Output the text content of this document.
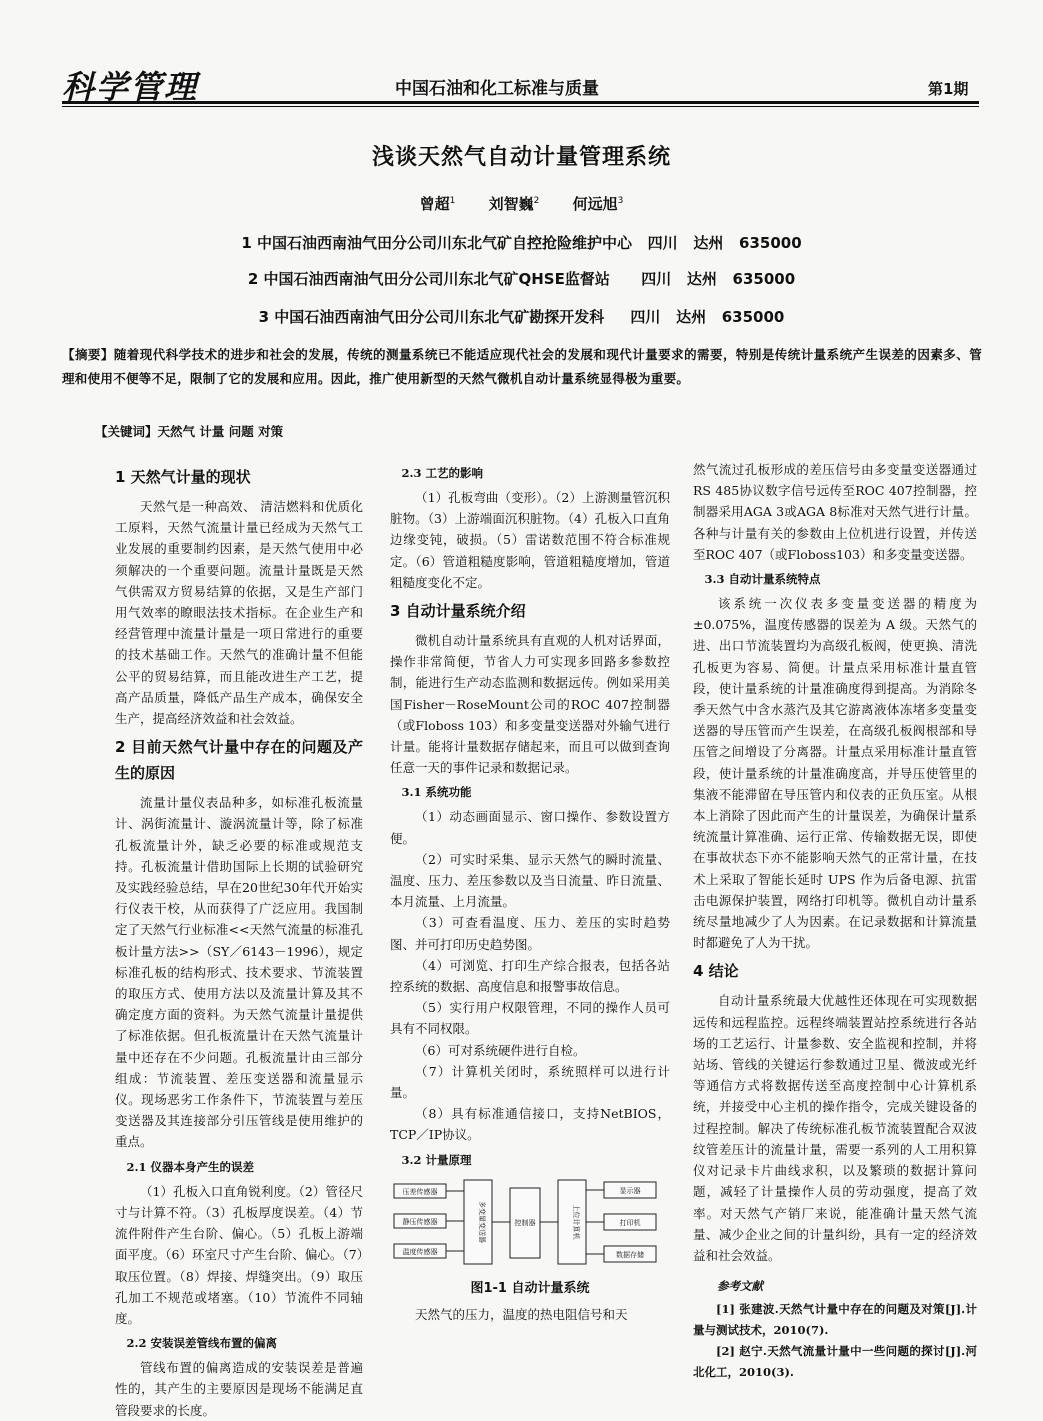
科学管理	中国石油和化工标准与质量	第1期
浅谈天然气自动计量管理系统
曾超$^1$ 刘智巍$^2$ 何远旭$^3$
1 中国石油西南油气田分公司川东北气矿自控抢险维护中心   四川   达州   635000
2 中国石油西南油气田分公司川东北气矿QHSE监督站      四川   达州   635000
3 中国石油西南油气田分公司川东北气矿勘探开发科     四川   达州   635000
【摘要】随着现代科学技术的进步和社会的发展，传统的测量系统已不能适应现代社会的发展和现代计量要求的需要，特别是传统计量系统产生误差的因素多、管理和使用不便等不足，限制了它的发展和应用。因此，推广使用新型的天然气微机自动计量系统显得极为重要。
【关键词】天然气 计量 问题 对策
1 天然气计量的现状

天然气是一种高效、 清洁燃料和优质化工原料，天然气流量计量已经成为天然气工业发展的重要制约因素，是天然气使用中必须解决的一个重要问题。流量计量既是天然气供需双方贸易结算的依据，又是生产部门用气效率的瞭眼法技术指标。在企业生产和经营管理中流量计量是一项日常进行的重要的技术基础工作。天然气的准确计量不但能公平的贸易结算，而且能改进生产工艺，提高产品质量，降低产品生产成本，确保安全生产，提高经济效益和社会效益。

2 目前天然气计量中存在的问题及产生的原因

流量计量仪表品种多，如标准孔板流量计、涡街流量计、漩涡流量计等，除了标准孔板流量计外，缺乏必要的标准或规范支持。孔板流量计借助国际上长期的试验研究及实践经验总结，早在20世纪30年代开始实行仪表干校，从而获得了广泛应用。我国制定了天然气行业标准<<天然气流量的标准孔板计量方法>>（SY／6143－1996），规定标准孔板的结构形式、技术要求、节流装置的取压方式、使用方法以及流量计算及其不确定度方面的资料。为天然气流量计量提供了标准依据。但孔板流量计在天然气流量计量中还存在不少问题。孔板流量计由三部分组成：节流装置、差压变送器和流量显示仪。现场恶劣工作条件下，节流装置与差压变送器及其连接部分引压管线是使用维护的重点。

2.1 仪器本身产生的误差

（1）孔板入口直角锐利度。（2）管径尺寸与计算不符。（3）孔板厚度误差。（4）节流件附件产生台阶、偏心。（5）孔板上游端面平度。（6）环室尺寸产生台阶、偏心。（7）取压位置。（8）焊接、焊缝突出。（9）取压孔加工不规范或堵塞。（10）节流件不同轴度。

2.2 安装误差管线布置的偏离

管线布置的偏离造成的安装误差是普遍性的，其产生的主要原因是现场不能满足直管段要求的长度。

2.3 工艺的影响

（1）孔板弯曲（变形）。（2）上游测量管沉积脏物。（3）上游端面沉积脏物。（4）孔板入口直角边缘变钝，破损。（5）雷诺数范围不符合标准规定。（6）管道粗糙度影响，管道粗糙度增加，管道粗糙度变化不定。

3 自动计量系统介绍

微机自动计量系统具有直观的人机对话界面，操作非常简便，节省人力可实现多回路多参数控制，能进行生产动态监测和数据远传。例如采用美国Fisher－RoseMount公司的ROC 407控制器（或Floboss 103）和多变量变送器对外输气进行计量。能将计量数据存储起来，而且可以做到查询任意一天的事件记录和数据记录。

3.1 系统功能

（1）动态画面显示、窗口操作、参数设置方便。

（2）可实时采集、显示天然气的瞬时流量、温度、压力、差压参数以及当日流量、昨日流量、本月流量、上月流量。

（3）可查看温度、压力、差压的实时趋势图、并可打印历史趋势图。

（4）可浏览、打印生产综合报表，包括各站控系统的数据、高度信息和报警事故信息。

（5）实行用户权限管理，不同的操作人员可具有不同权限。

（6）可对系统硬件进行自检。

（7）计算机关闭时，系统照样可以进行计量。

（8）具有标准通信接口，支持NetBIOS，TCP／IP协议。

3.2 计量原理
压差传感器
静压传感器
温度传感器
多变量变送器	控制器	上位计算机
显示器
打印机
数据存储
图1-1 自动计量系统

天然气的压力，温度的热电阻信号和天

然气流过孔板形成的差压信号由多变量变送器通过RS 485协议数字信号远传至ROC 407控制器，控制器采用AGA 3或AGA 8标准对天然气进行计量。各种与计量有关的参数由上位机进行设置，并传送至ROC 407（或Floboss103）和多变量变送器。

3.3 自动计量系统特点

该系统一次仪表多变量变送器的精度为±0.075%，温度传感器的误差为 A 级。天然气的进、出口节流装置均为高级孔板阀，使更换、清洗孔板更为容易、简便。计量点采用标准计量直管段，使计量系统的计量准确度得到提高。为消除冬季天然气中含水蒸汽及其它游离液体冻堵多变量变送器的导压管而产生误差，在高级孔板阀根部和导压管之间增设了分离器。计量点采用标准计量直管段，使计量系统的计量准确度高，并导压使管里的集液不能滞留在导压管内和仪表的正负压室。从根本上消除了因此而产生的计量误差，为确保计量系统流量计算准确、运行正常、传输数据无误，即使在事故状态下亦不能影响天然气的正常计量，在技术上采取了智能长延时 UPS 作为后备电源、抗雷击电源保护装置，网络打印机等。微机自动计量系统尽量地减少了人为因素。在记录数据和计算流量时都避免了人为干扰。

4 结论

自动计量系统最大优越性还体现在可实现数据远传和远程监控。远程终端装置站控系统进行各站场的工艺运行、计量参数、安全监视和控制，并将站场、管线的关键运行参数通过卫星、微波或光纤等通信方式将数据传送至高度控制中心计算机系统，并接受中心主机的操作指令，完成关键设备的过程控制。解决了传统标准孔板节流装置配合双波纹管差压计的流量计量，需要一系列的人工用积算仪对记录卡片曲线求积，以及繁琐的数据计算问题，减轻了计量操作人员的劳动强度，提高了效率。对天然气产销厂来说，能准确计量天然气流量、减少企业之间的计量纠纷，具有一定的经济效益和社会效益。

参考文献

[1] 张建波.天然气计量中存在的问题及对策[J].计量与测试技术，2010(7).

[2] 赵宁.天然气流量计量中一些问题的探讨[J].河北化工，2010(3).
